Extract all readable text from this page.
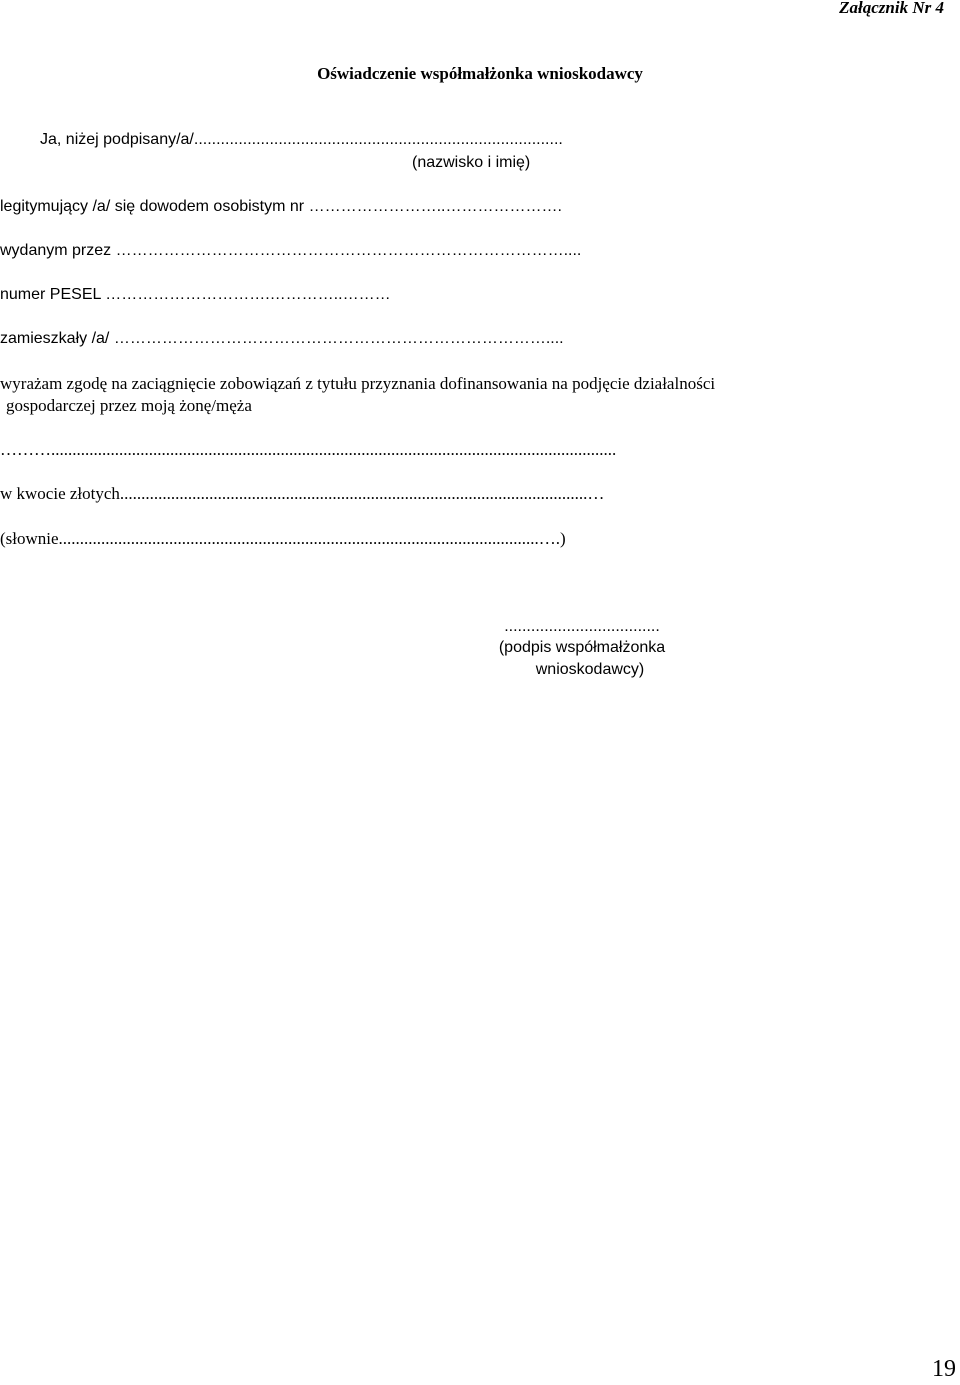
Załącznik Nr 4
Oświadczenie współmałżonka wnioskodawcy
Ja, niżej podpisany/a/...................................................................................
(nazwisko i imię)
legitymujący /a/ się dowodem osobistym nr ……………………..………………….
wydanym przez …………………………………………………………………………....
numer PESEL ………………………….…………..………
zamieszkały /a/ ………………………………………………………………………....
wyrażam zgodę na zaciągnięcie zobowiązań z tytułu przyznania dofinansowania na podjęcie działalności
gospodarczej przez moją żonę/męża
……….....................................................................................................................................
w kwocie złotych..............................................................................................................…
(słownie.................................................................................................................….)
...................................
(podpis współmałżonka
wnioskodawcy)
19
